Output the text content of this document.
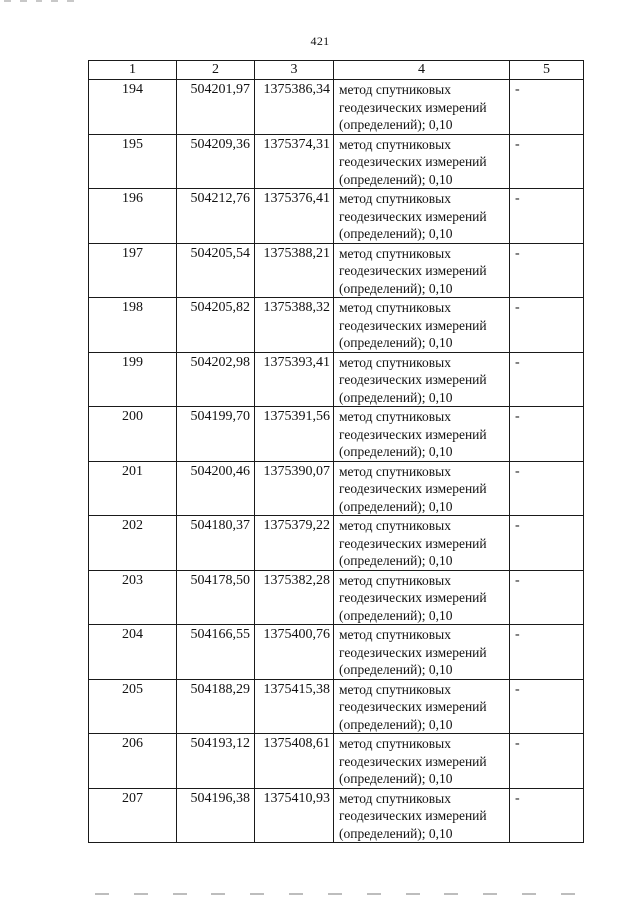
421
1	2	3	4	5
194	504201,97	1375386,34	метод спутниковых
геодезических измерений
(определений); 0,10	-
195	504209,36	1375374,31	метод спутниковых
геодезических измерений
(определений); 0,10	-
196	504212,76	1375376,41	метод спутниковых
геодезических измерений
(определений); 0,10	-
197	504205,54	1375388,21	метод спутниковых
геодезических измерений
(определений); 0,10	-
198	504205,82	1375388,32	метод спутниковых
геодезических измерений
(определений); 0,10	-
199	504202,98	1375393,41	метод спутниковых
геодезических измерений
(определений); 0,10	-
200	504199,70	1375391,56	метод спутниковых
геодезических измерений
(определений); 0,10	-
201	504200,46	1375390,07	метод спутниковых
геодезических измерений
(определений); 0,10	-
202	504180,37	1375379,22	метод спутниковых
геодезических измерений
(определений); 0,10	-
203	504178,50	1375382,28	метод спутниковых
геодезических измерений
(определений); 0,10	-
204	504166,55	1375400,76	метод спутниковых
геодезических измерений
(определений); 0,10	-
205	504188,29	1375415,38	метод спутниковых
геодезических измерений
(определений); 0,10	-
206	504193,12	1375408,61	метод спутниковых
геодезических измерений
(определений); 0,10	-
207	504196,38	1375410,93	метод спутниковых
геодезических измерений
(определений); 0,10	-
